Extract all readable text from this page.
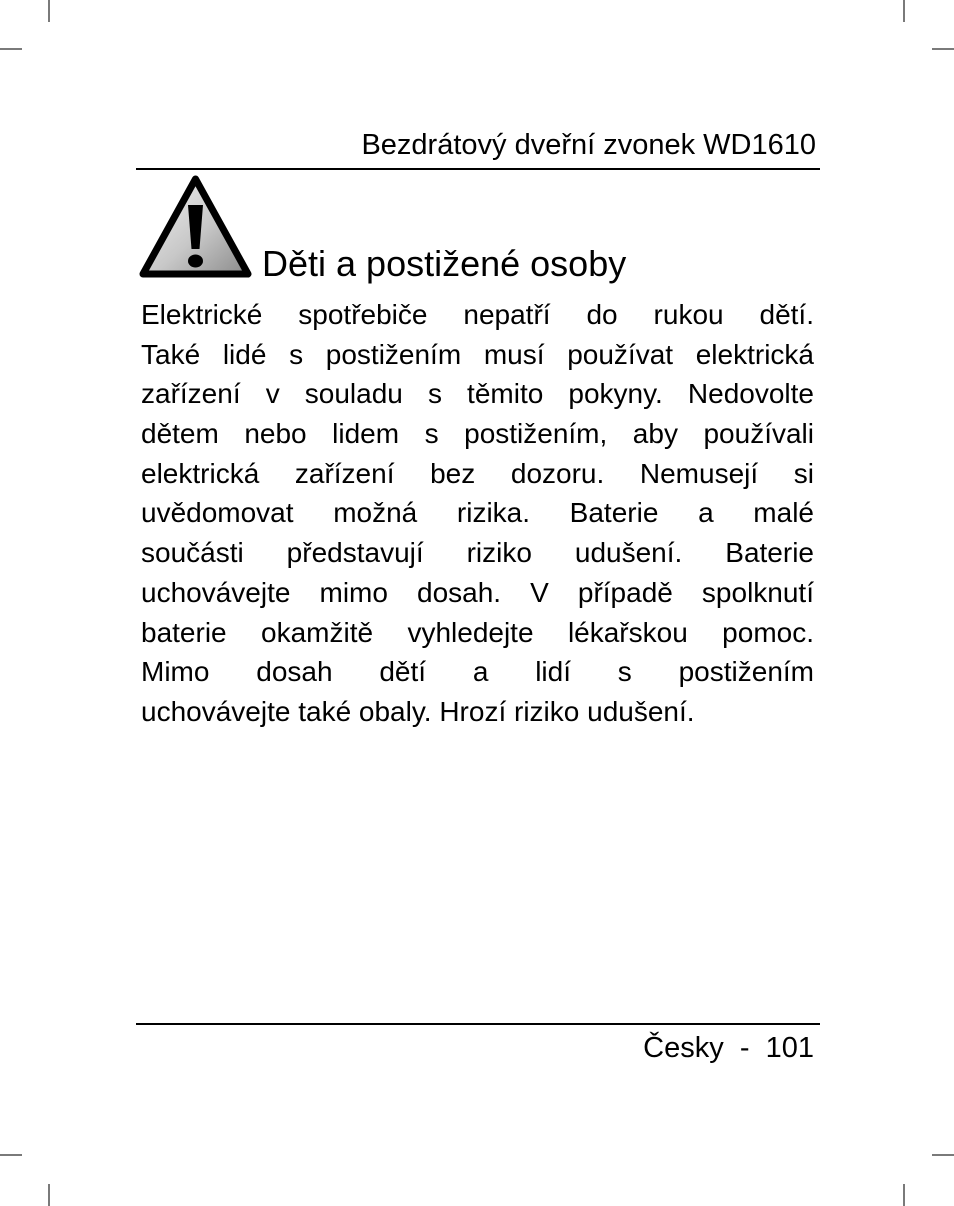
Bezdrátový dveřní zvonek WD1610
Děti a postižené osoby
Elektrické spotřebiče nepatří do rukou dětí.
Také lidé s postižením musí používat elektrická
zařízení v souladu s těmito pokyny. Nedovolte
dětem nebo lidem s postižením, aby používali
elektrická zařízení bez dozoru. Nemusejí si
uvědomovat možná rizika. Baterie a malé
součásti představují riziko udušení. Baterie
uchovávejte mimo dosah. V případě spolknutí
baterie okamžitě vyhledejte lékařskou pomoc.
Mimo dosah dětí a lidí s postižením
uchovávejte také obaly. Hrozí riziko udušení.
Česky  -  101
